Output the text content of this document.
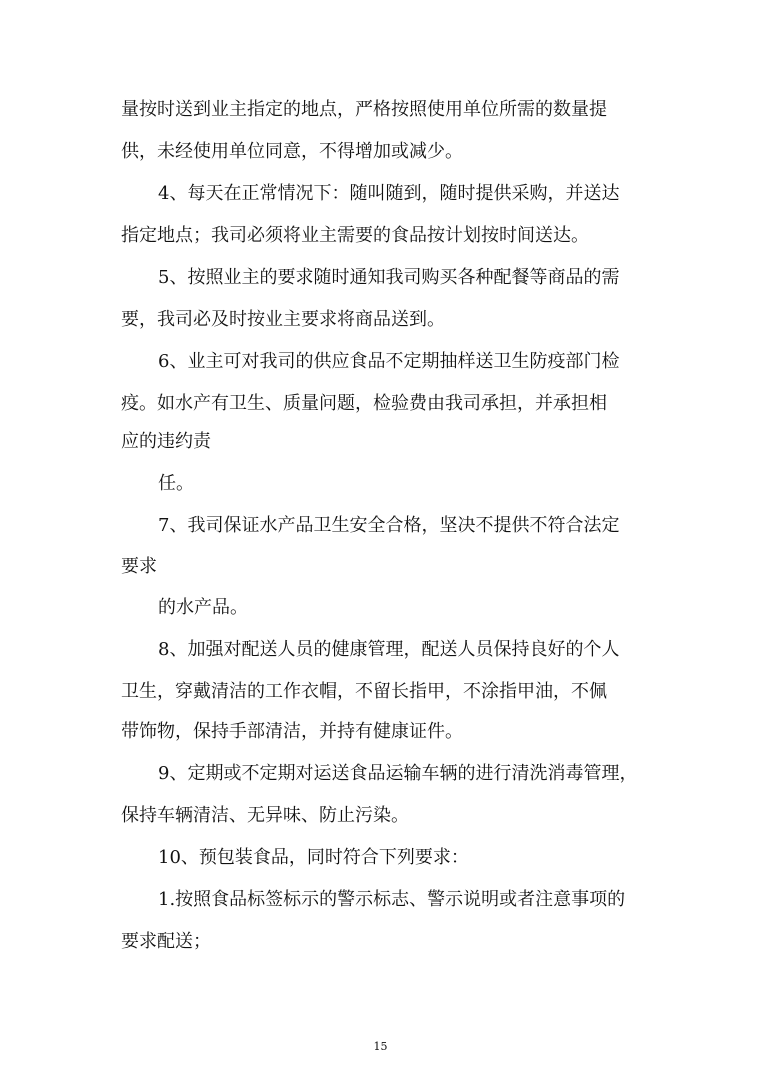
量按时送到业主指定的地点，严格按照使用单位所需的数量提
供，未经使用单位同意，不得增加或减少。
4、每天在正常情况下：随叫随到，随时提供采购，并送达
指定地点；我司必须将业主需要的食品按计划按时间送达。
5、按照业主的要求随时通知我司购买各种配餐等商品的需
要，我司必及时按业主要求将商品送到。
6、业主可对我司的供应食品不定期抽样送卫生防疫部门检
疫。如水产有卫生、质量问题，检验费由我司承担，并承担相
应的违约责
任。
7、我司保证水产品卫生安全合格，坚决不提供不符合法定
要求
的水产品。
8、加强对配送人员的健康管理，配送人员保持良好的个人
卫生，穿戴清洁的工作衣帽，不留长指甲，不涂指甲油，不佩
带饰物，保持手部清洁，并持有健康证件。
9、定期或不定期对运送食品运输车辆的进行清洗消毒管理，
保持车辆清洁、无异味、防止污染。
10、预包装食品，同时符合下列要求：
1.按照食品标签标示的警示标志、警示说明或者注意事项的
要求配送；
15
